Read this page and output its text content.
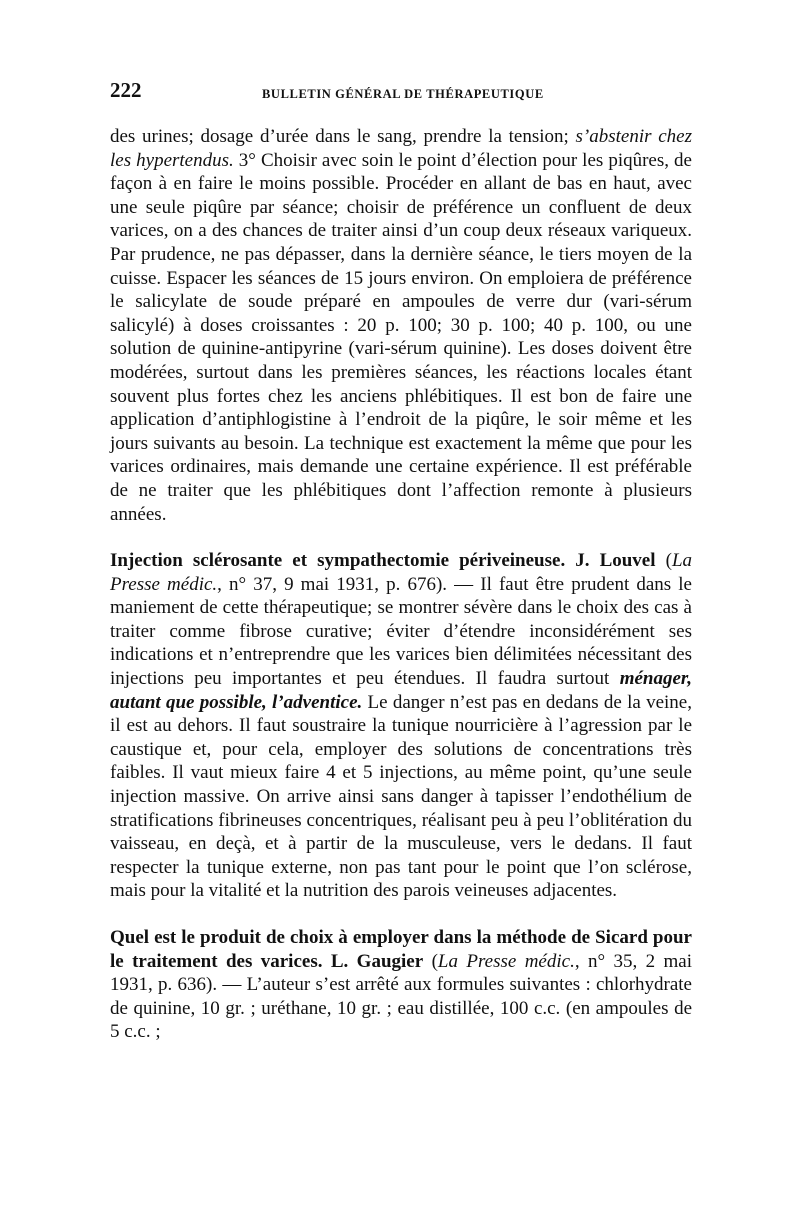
222	BULLETIN GÉNÉRAL DE THÉRAPEUTIQUE

des urines; dosage d’urée dans le sang, prendre la tension; s’abstenir chez les hypertendus. 3° Choisir avec soin le point d’élection pour les piqûres, de façon à en faire le moins possible. Procéder en allant de bas en haut, avec une seule piqûre par séance; choisir de préférence un confluent de deux varices, on a des chances de traiter ainsi d’un coup deux réseaux variqueux. Par prudence, ne pas dépasser, dans la dernière séance, le tiers moyen de la cuisse. Espacer les séances de 15 jours environ. On emploiera de préférence le salicylate de soude préparé en ampoules de verre dur (vari-sérum salicylé) à doses croissantes : 20 p. 100; 30 p. 100; 40 p. 100, ou une solution de quinine-antipyrine (vari-sérum quinine). Les doses doivent être modérées, surtout dans les premières séances, les réactions locales étant souvent plus fortes chez les anciens phlébitiques. Il est bon de faire une application d’antiphlogistine à l’endroit de la piqûre, le soir même et les jours suivants au besoin. La technique est exactement la même que pour les varices ordinaires, mais demande une certaine expérience. Il est préférable de ne traiter que les phlébitiques dont l’affection remonte à plusieurs années.

Injection sclérosante et sympathectomie périveineuse. J. Louvel (La Presse médic., n° 37, 9 mai 1931, p. 676). — Il faut être prudent dans le maniement de cette thérapeutique; se montrer sévère dans le choix des cas à traiter comme fibrose curative; éviter d’étendre inconsidérément ses indications et n’entreprendre que les varices bien délimitées nécessitant des injections peu importantes et peu étendues. Il faudra surtout ménager, autant que possible, l’adventice. Le danger n’est pas en dedans de la veine, il est au dehors. Il faut soustraire la tunique nourricière à l’agression par le caustique et, pour cela, employer des solutions de concentrations très faibles. Il vaut mieux faire 4 et 5 injections, au même point, qu’une seule injection massive. On arrive ainsi sans danger à tapisser l’endothélium de stratifications fibrineuses concentriques, réalisant peu à peu l’oblitération du vaisseau, en deçà, et à partir de la musculeuse, vers le dedans. Il faut respecter la tunique externe, non pas tant pour le point que l’on sclérose, mais pour la vitalité et la nutrition des parois veineuses adjacentes.

Quel est le produit de choix à employer dans la méthode de Sicard pour le traitement des varices. L. Gaugier (La Presse médic., n° 35, 2 mai 1931, p. 636). — L’auteur s’est arrêté aux formules suivantes : chlorhydrate de quinine, 10 gr. ; uréthane, 10 gr. ; eau distillée, 100 c.c. (en ampoules de 5 c.c. ;
